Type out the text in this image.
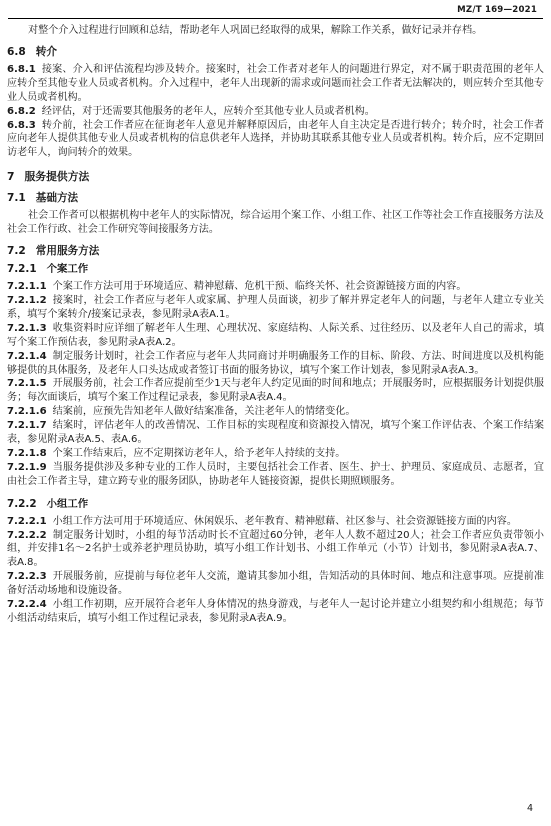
MZ/T 169—2021

对整个介入过程进行回顾和总结，帮助老年人巩固已经取得的成果，解除工作关系，做好记录并存档。

6.8 转介

6.8.1 接案、介入和评估流程均涉及转介。接案时，社会工作者对老年人的问题进行界定，对不属于职责范围的老年人应转介至其他专业人员或者机构。介入过程中，老年人出现新的需求或问题而社会工作者无法解决的，则应转介至其他专业人员或者机构。

6.8.2 经评估，对于还需要其他服务的老年人，应转介至其他专业人员或者机构。

6.8.3 转介前，社会工作者应在征询老年人意见并解释原因后，由老年人自主决定是否进行转介；转介时，社会工作者应向老年人提供其他专业人员或者机构的信息供老年人选择，并协助其联系其他专业人员或者机构。转介后，应不定期回访老年人，询问转介的效果。

7 服务提供方法
7.1 基础方法

社会工作者可以根据机构中老年人的实际情况，综合运用个案工作、小组工作、社区工作等社会工作直接服务方法及社会工作行政、社会工作研究等间接服务方法。

7.2 常用服务方法
7.2.1 个案工作

7.2.1.1 个案工作方法可用于环境适应、精神慰藉、危机干预、临终关怀、社会资源链接方面的内容。

7.2.1.2 接案时，社会工作者应与老年人或家属、护理人员面谈，初步了解并界定老年人的问题，与老年人建立专业关系，填写个案转介/接案记录表，参见附录A表A.1。

7.2.1.3 收集资料时应详细了解老年人生理、心理状况、家庭结构、人际关系、过往经历、以及老年人自己的需求，填写个案工作预估表，参见附录A表A.2。

7.2.1.4 制定服务计划时，社会工作者应与老年人共同商讨并明确服务工作的目标、阶段、方法、时间进度以及机构能够提供的具体服务，及老年人口头达成或者签订书面的服务协议，填写个案工作计划表，参见附录A表A.3。

7.2.1.5 开展服务前，社会工作者应提前至少1天与老年人约定见面的时间和地点；开展服务时，应根据服务计划提供服务；每次面谈后，填写个案工作过程记录表，参见附录A表A.4。

7.2.1.6 结案前，应预先告知老年人做好结案准备，关注老年人的情绪变化。

7.2.1.7 结案时，评估老年人的改善情况、工作目标的实现程度和资源投入情况，填写个案工作评估表、个案工作结案表，参见附录A表A.5、表A.6。

7.2.1.8 个案工作结束后，应不定期探访老年人，给予老年人持续的支持。

7.2.1.9 当服务提供涉及多种专业的工作人员时，主要包括社会工作者、医生、护士、护理员、家庭成员、志愿者，宜由社会工作者主导，建立跨专业的服务团队，协助老年人链接资源，提供长期照顾服务。

7.2.2 小组工作

7.2.2.1 小组工作方法可用于环境适应、休闲娱乐、老年教育、精神慰藉、社区参与、社会资源链接方面的内容。

7.2.2.2 制定服务计划时，小组的每节活动时长不宜超过60分钟，老年人人数不超过20人；社会工作者应负责带领小组，并安排1名～2名护士或养老护理员协助，填写小组工作计划书、小组工作单元（小节）计划书，参见附录A表A.7、表A.8。

7.2.2.3 开展服务前，应提前与每位老年人交流，邀请其参加小组，告知活动的具体时间、地点和注意事项。应提前准备好活动场地和设施设备。

7.2.2.4 小组工作初期，应开展符合老年人身体情况的热身游戏，与老年人一起讨论并建立小组契约和小组规范；每节小组活动结束后，填写小组工作过程记录表，参见附录A表A.9。

4
